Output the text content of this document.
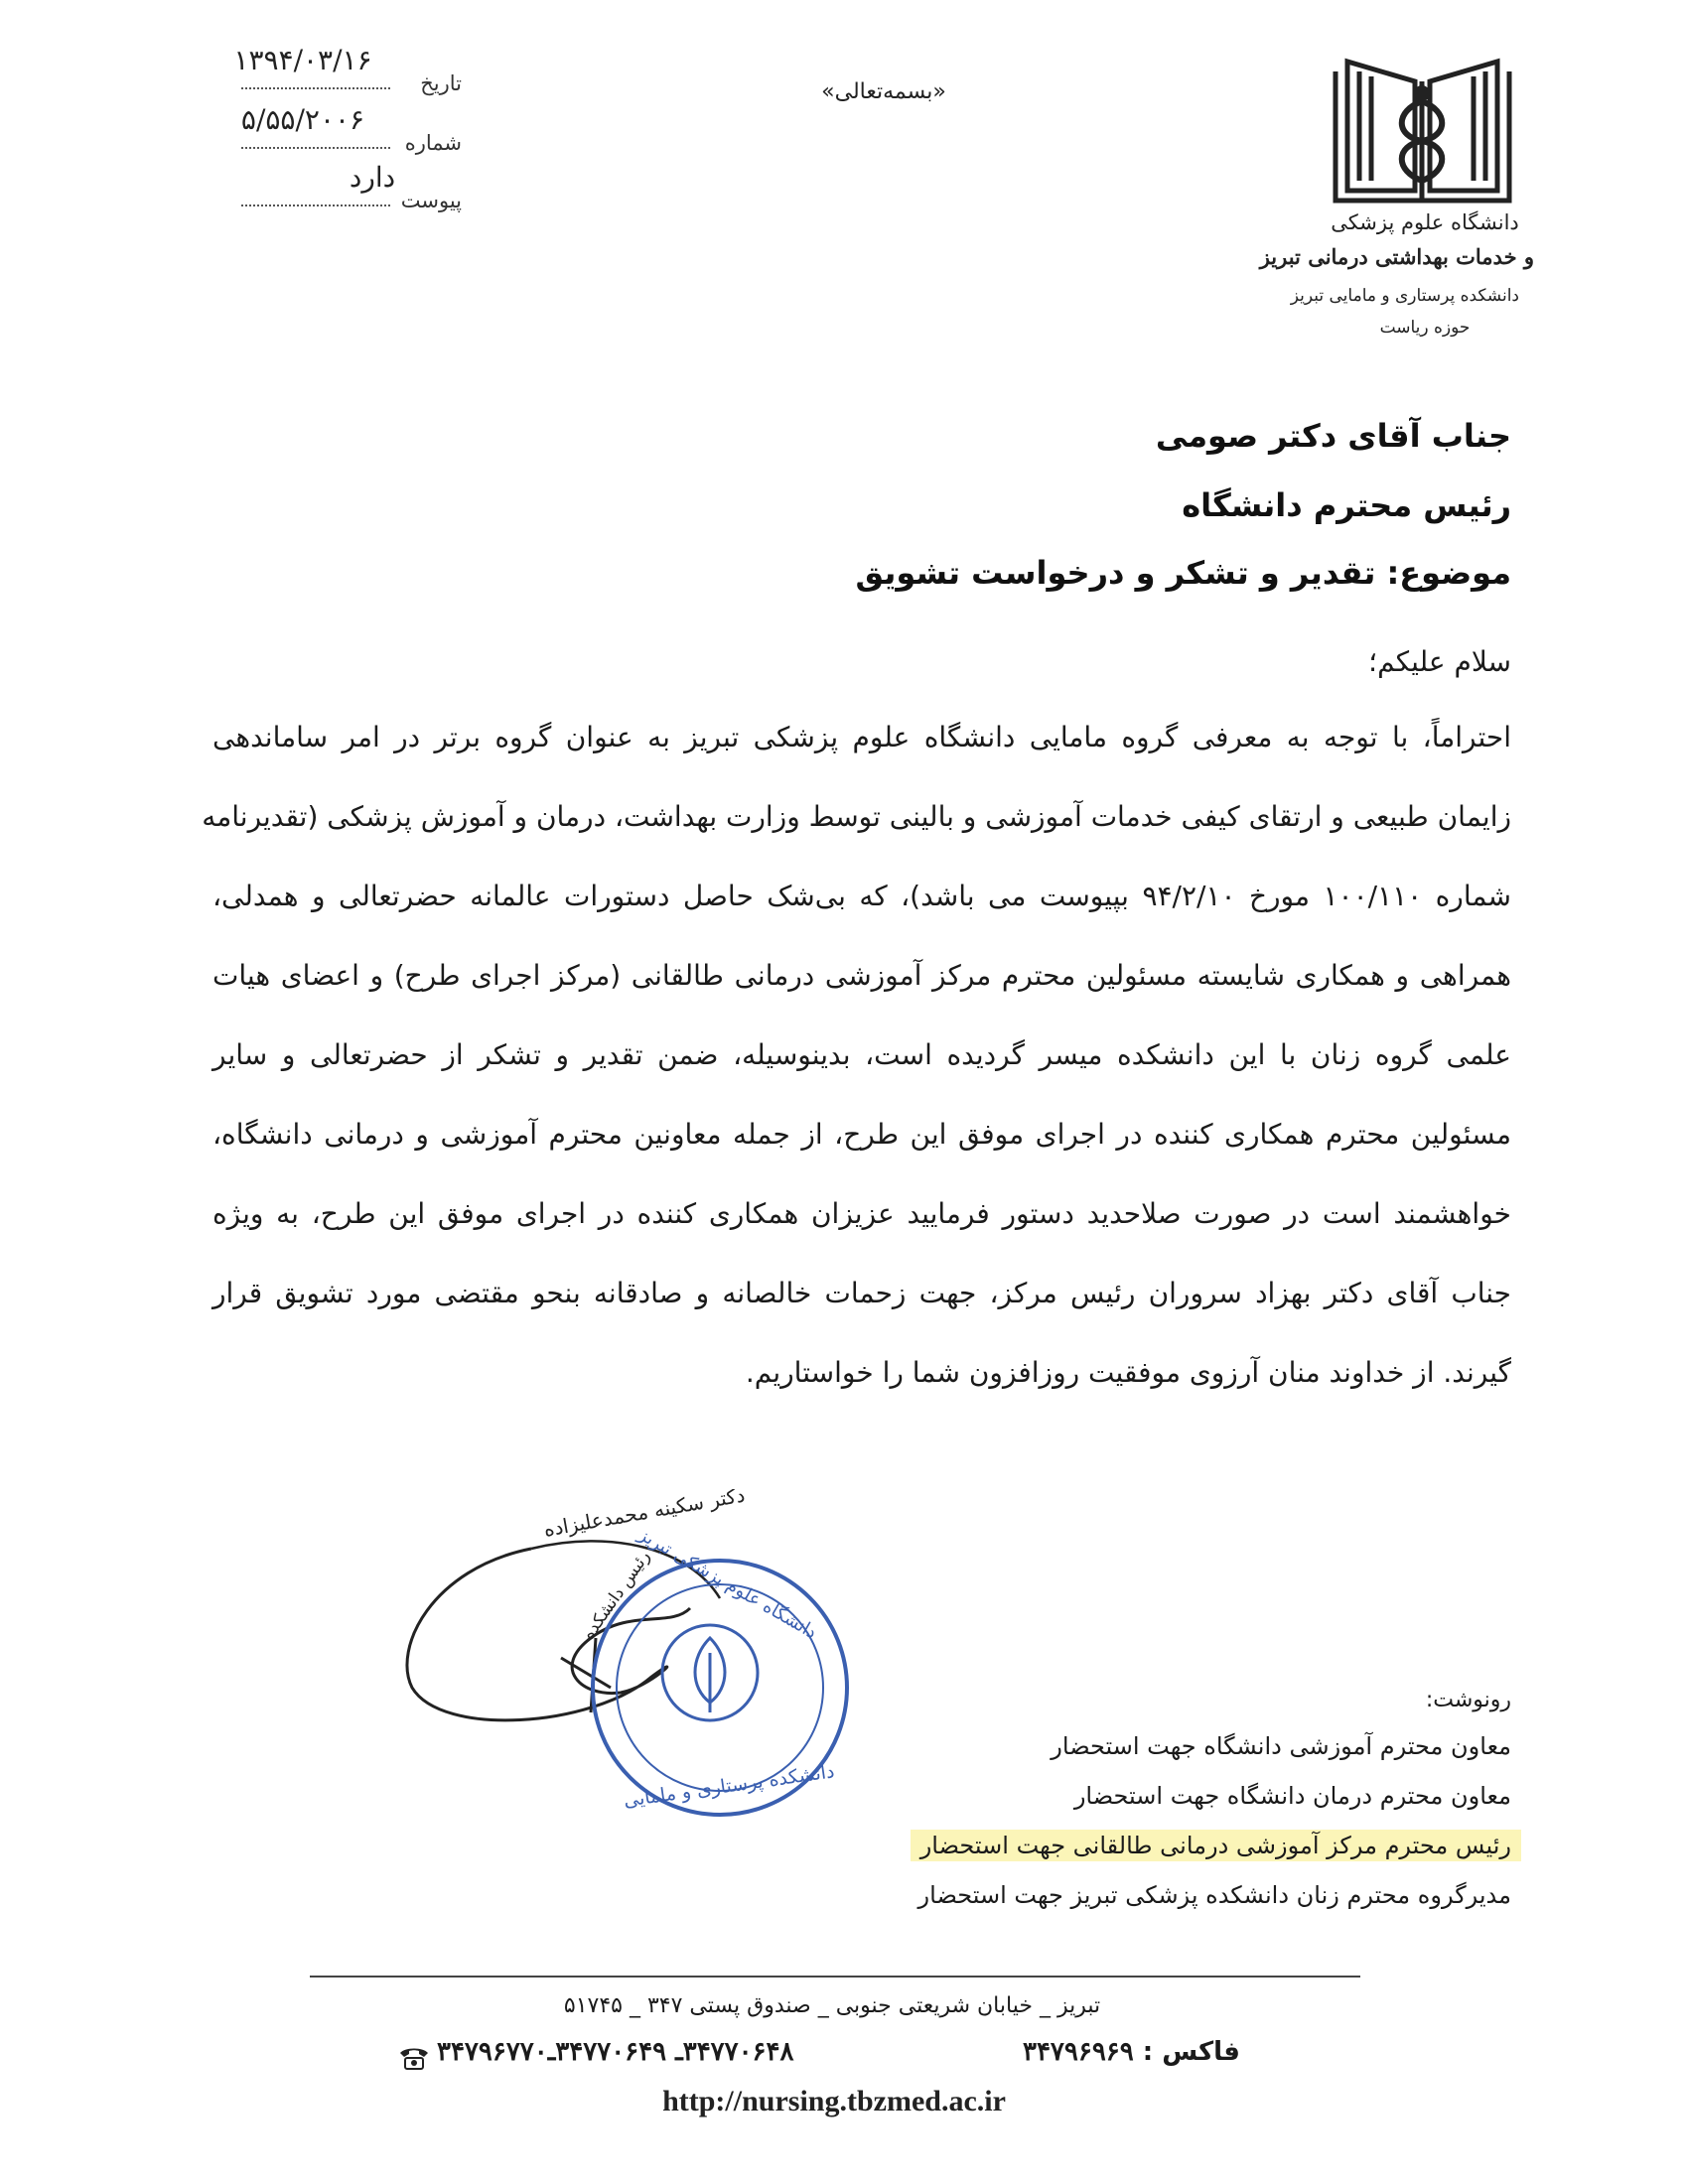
تاریخ
۱۳۹۴/۰۳/۱۶
شماره
۵/۵۵/۲۰۰۶
پیوست
دارد
«بسمه‌تعالی»
دانشگاه علوم پزشکی
و خدمات بهداشتی درمانی تبریز
دانشکده پرستاری و مامایی تبریز
حوزه ریاست
جناب آقای دکتر صومی
رئیس محترم دانشگاه
موضوع: تقدیر و تشکر و درخواست تشویق
سلام علیکم؛
احتراماً، با توجه به معرفی گروه مامایی دانشگاه علوم پزشکی تبریز به عنوان گروه برتر در امر ساماندهی
زایمان طبیعی و ارتقای کیفی خدمات آموزشی و بالینی توسط وزارت بهداشت، درمان و آموزش پزشکی (تقدیرنامه
شماره ۱۰۰/۱۱۰ مورخ ۹۴/۲/۱۰ بپیوست می باشد)، که بی‌شک حاصل دستورات عالمانه حضرتعالی و همدلی،
همراهی و همکاری شایسته مسئولین محترم مرکز آموزشی درمانی طالقانی (مرکز اجرای طرح) و اعضای هیات
علمی گروه زنان با این دانشکده میسر گردیده است، بدینوسیله، ضمن تقدیر و تشکر از حضرتعالی و سایر
مسئولین محترم همکاری کننده در اجرای موفق این طرح، از جمله معاونین محترم آموزشی و درمانی دانشگاه،
خواهشمند است در صورت صلاحدید دستور فرمایید عزیزان همکاری کننده در اجرای موفق این طرح، به ویژه
جناب آقای دکتر بهزاد سروران رئیس مرکز، جهت زحمات خالصانه و صادقانه بنحو مقتضی مورد تشویق قرار
گیرند. از خداوند منان آرزوی موفقیت روزافزون شما را خواستاریم.
دکتر سکینه محمدعلیزاده
رئیس دانشکده
دانشگاه علوم پزشکی تبریز
دانشکده پرستاری و مامایی
رونوشت:
معاون محترم آموزشی دانشگاه جهت استحضار
معاون محترم درمان دانشگاه جهت استحضار
رئیس محترم مرکز آموزشی درمانی طالقانی جهت استحضار
مدیرگروه محترم زنان دانشکده پزشکی تبریز جهت استحضار
تبریز _ خیابان شریعتی جنوبی _ صندوق پستی ۳۴۷ _ ۵۱۷۴۵
فاکس : ۳۴۷۹۶۹۶۹
۳۴۷۷۰۶۴۸ـ ۳۴۷۷۰۶۴۹ـ۳۴۷۹۶۷۷۰
http://nursing.tbzmed.ac.ir
